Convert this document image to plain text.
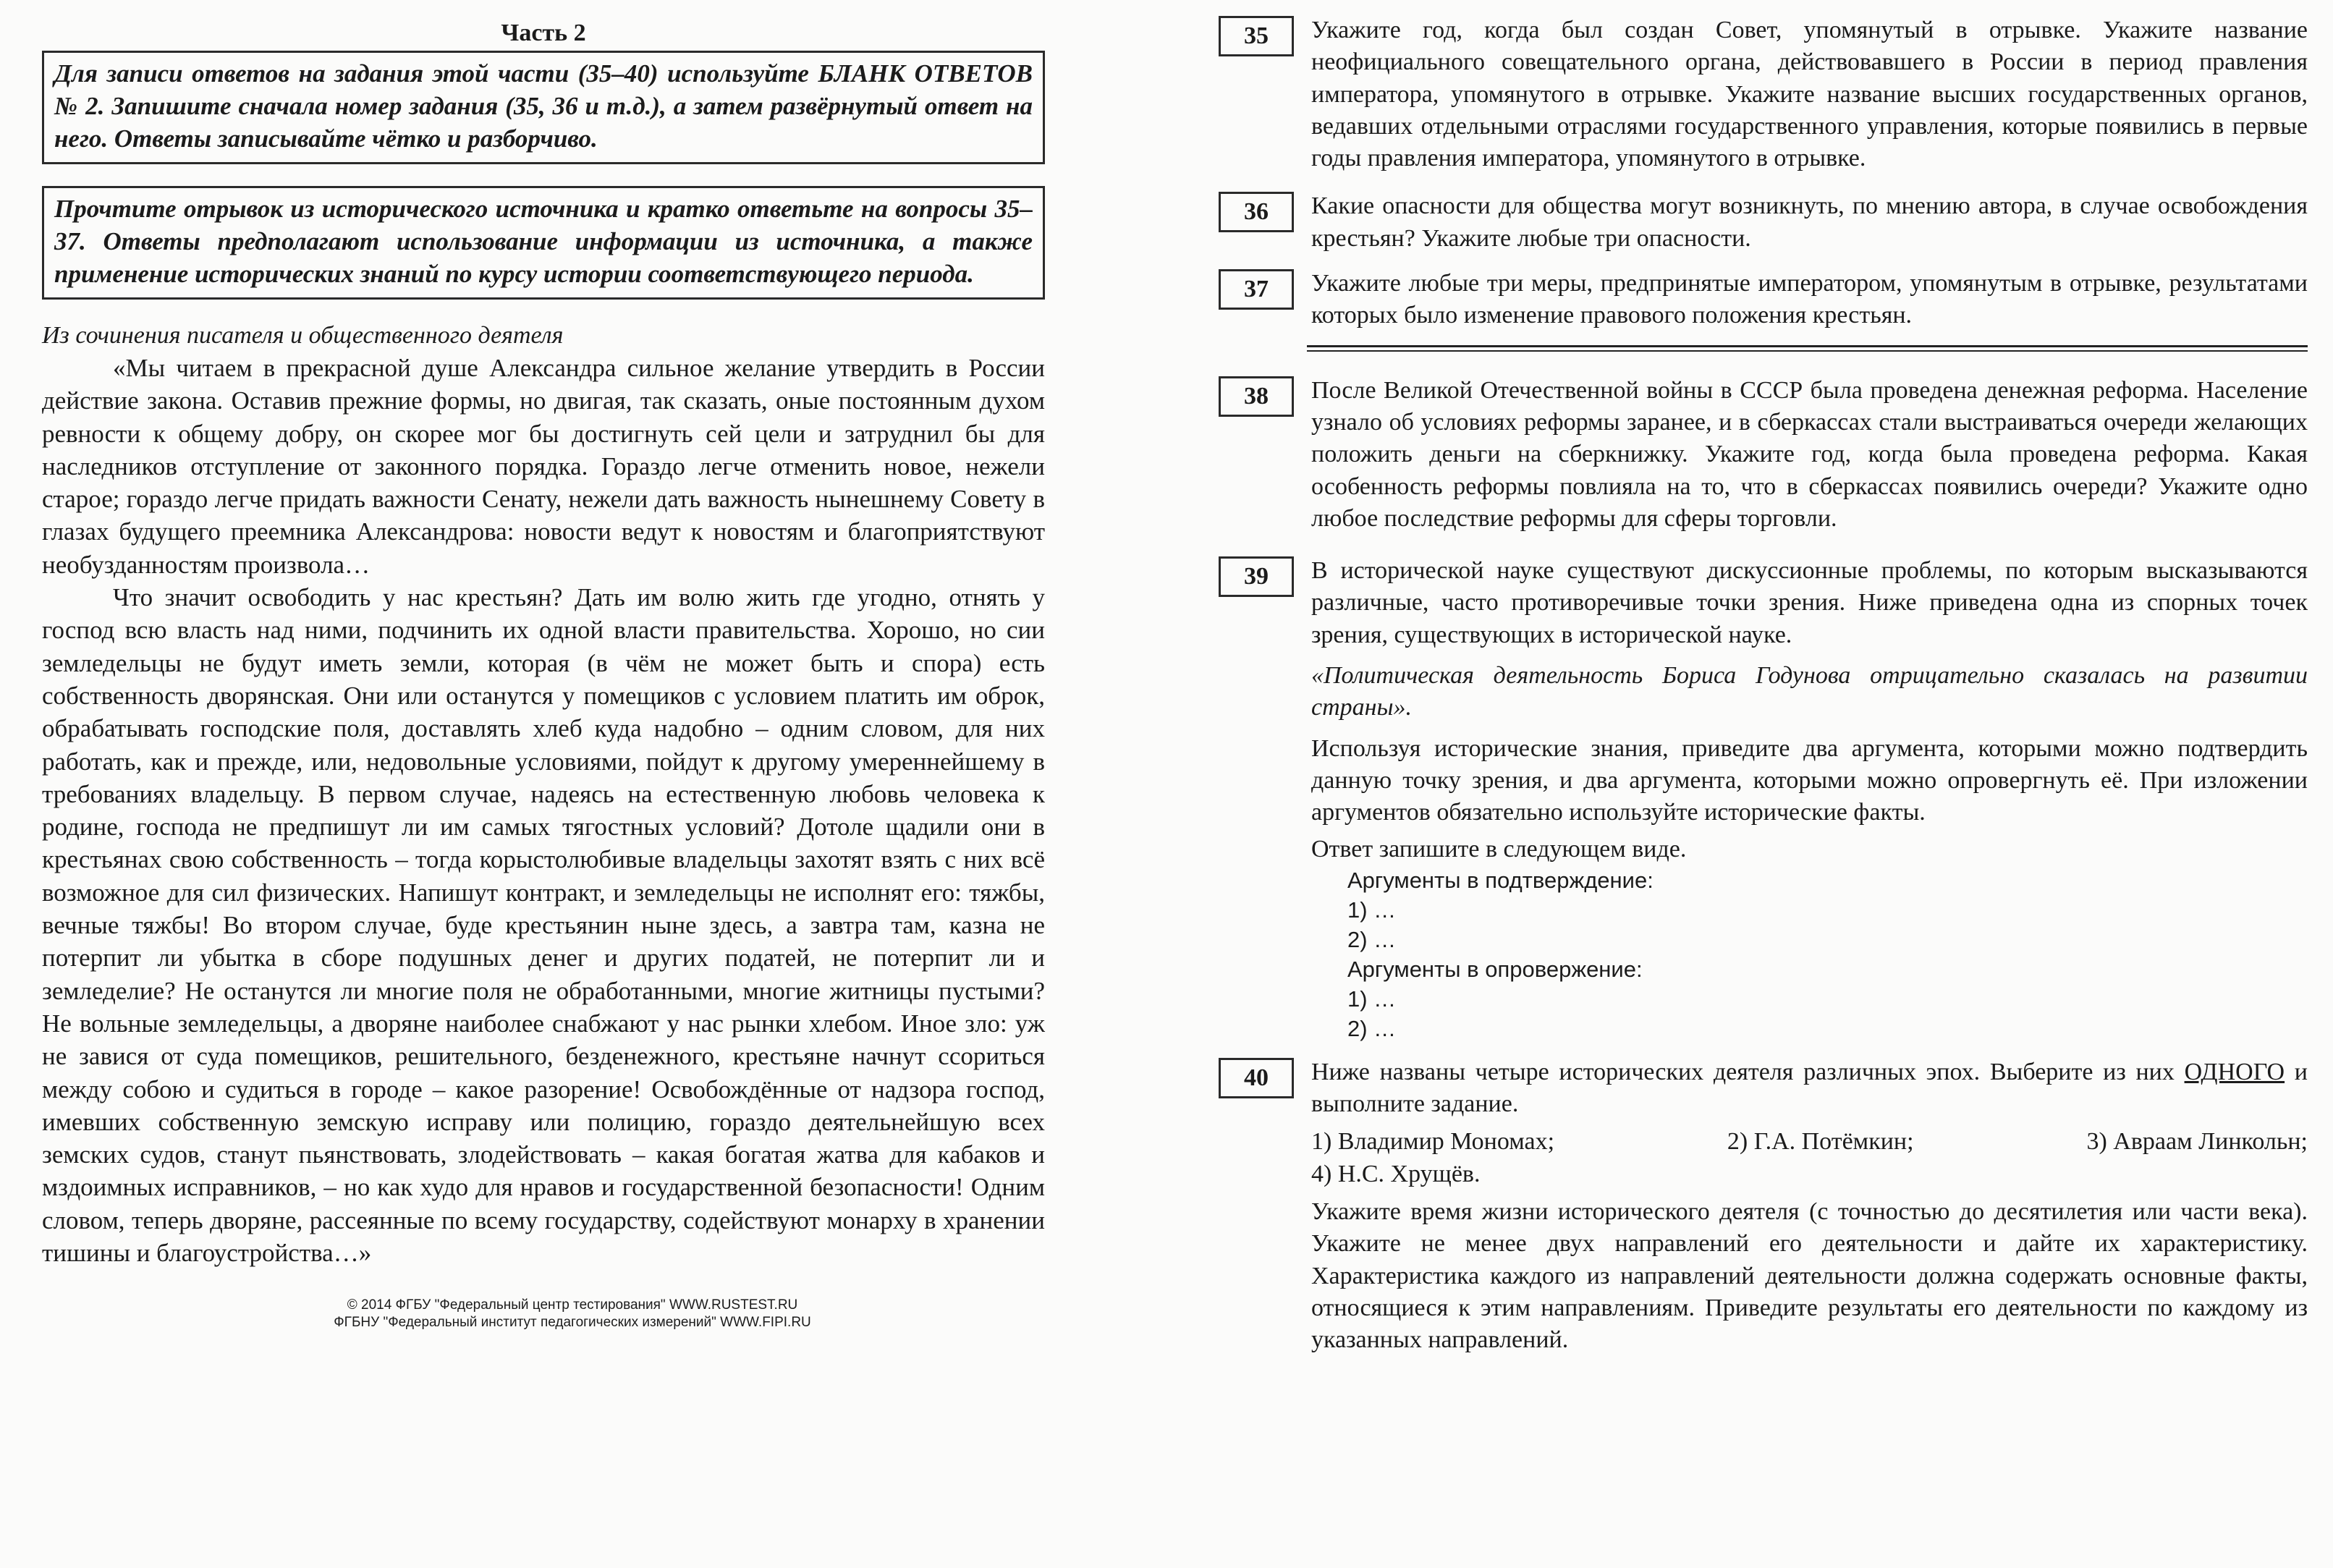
Часть 2
Для записи ответов на задания этой части (35–40) используйте БЛАНК ОТВЕТОВ № 2. Запишите сначала номер задания (35, 36 и т.д.), а затем развёрнутый ответ на него. Ответы записывайте чётко и разборчиво.
Прочтите отрывок из исторического источника и кратко ответьте на вопросы 35–37. Ответы предполагают использование информации из источника, а также применение исторических знаний по курсу истории соответствующего периода.
Из сочинения писателя и общественного деятеля

«Мы читаем в прекрасной душе Александра сильное желание утвердить в России действие закона. Оставив прежние формы, но двигая, так сказать, оные постоянным духом ревности к общему добру, он скорее мог бы достигнуть сей цели и затруднил бы для наследников отступление от законного порядка. Гораздо легче отменить новое, нежели старое; гораздо легче придать важности Сенату, нежели дать важность нынешнему Совету в глазах будущего преемника Александрова: новости ведут к новостям и благоприятствуют необузданностям произвола…

Что значит освободить у нас крестьян? Дать им волю жить где угодно, отнять у господ всю власть над ними, подчинить их одной власти правительства. Хорошо, но сии земледельцы не будут иметь земли, которая (в чём не может быть и спора) есть собственность дворянская. Они или останутся у помещиков с условием платить им оброк, обрабатывать господские поля, доставлять хлеб куда надобно – одним словом, для них работать, как и прежде, или, недовольные условиями, пойдут к другому умереннейшему в требованиях владельцу. В первом случае, надеясь на естественную любовь человека к родине, господа не предпишут ли им самых тягостных условий? Дотоле щадили они в крестьянах свою собственность – тогда корыстолюбивые владельцы захотят взять с них всё возможное для сил физических. Напишут контракт, и земледельцы не исполнят его: тяжбы, вечные тяжбы! Во втором случае, буде крестьянин ныне здесь, а завтра там, казна не потерпит ли убытка в сборе подушных денег и других податей, не потерпит ли и земледелие? Не останутся ли многие поля не обработанными, многие житницы пустыми? Не вольные земледельцы, а дворяне наиболее снабжают у нас рынки хлебом. Иное зло: уж не завися от суда помещиков, решительного, безденежного, крестьяне начнут ссориться между собою и судиться в городе – какое разорение! Освобождённые от надзора господ, имевших собственную земскую исправу или полицию, гораздо деятельнейшую всех земских судов, станут пьянствовать, злодействовать – какая богатая жатва для кабаков и мздоимных исправников, – но как худо для нравов и государственной безопасности! Одним словом, теперь дворяне, рассеянные по всему государству, содействуют монарху в хранении тишины и благоустройства…»

© 2014 ФГБУ "Федеральный центр тестирования" WWW.RUSTEST.RU
ФГБНУ "Федеральный институт педагогических измерений" WWW.FIPI.RU
35	Укажите год, когда был создан Совет, упомянутый в отрывке. Укажите название неофициального совещательного органа, действовавшего в России в период правления императора, упомянутого в отрывке. Укажите название высших государственных органов, ведавших отдельными отраслями государственного управления, которые появились в первые годы правления императора, упомянутого в отрывке.
36	Какие опасности для общества могут возникнуть, по мнению автора, в случае освобождения крестьян? Укажите любые три опасности.
37	Укажите любые три меры, предпринятые императором, упомянутым в отрывке, результатами которых было изменение правового положения крестьян.
38	После Великой Отечественной войны в СССР была проведена денежная реформа. Население узнало об условиях реформы заранее, и в сберкассах стали выстраиваться очереди желающих положить деньги на сберкнижку. Укажите год, когда была проведена реформа. Какая особенность реформы повлияла на то, что в сберкассах появились очереди? Укажите одно любое последствие реформы для сферы торговли.
39	В исторической науке существуют дискуссионные проблемы, по которым высказываются различные, часто противоречивые точки зрения. Ниже приведена одна из спорных точек зрения, существующих в исторической науке.

«Политическая деятельность Бориса Годунова отрицательно сказалась на развитии страны».

Используя исторические знания, приведите два аргумента, которыми можно подтвердить данную точку зрения, и два аргумента, которыми можно опровергнуть её. При изложении аргументов обязательно используйте исторические факты.

Ответ запишите в следующем виде.

Аргументы в подтверждение:
1) …
2) …
Аргументы в опровержение:
1) …
2) …
40	Ниже названы четыре исторических деятеля различных эпох. Выберите из них ОДНОГО и выполните задание.

1) Владимир Мономах;	2) Г.А. Потёмкин;	3) Авраам Линкольн;
4) Н.С. Хрущёв.

Укажите время жизни исторического деятеля (с точностью до десятилетия или части века). Укажите не менее двух направлений его деятельности и дайте их характеристику. Характеристика каждого из направлений деятельности должна содержать основные факты, относящиеся к этим направлениям. Приведите результаты его деятельности по каждому из указанных направлений.
